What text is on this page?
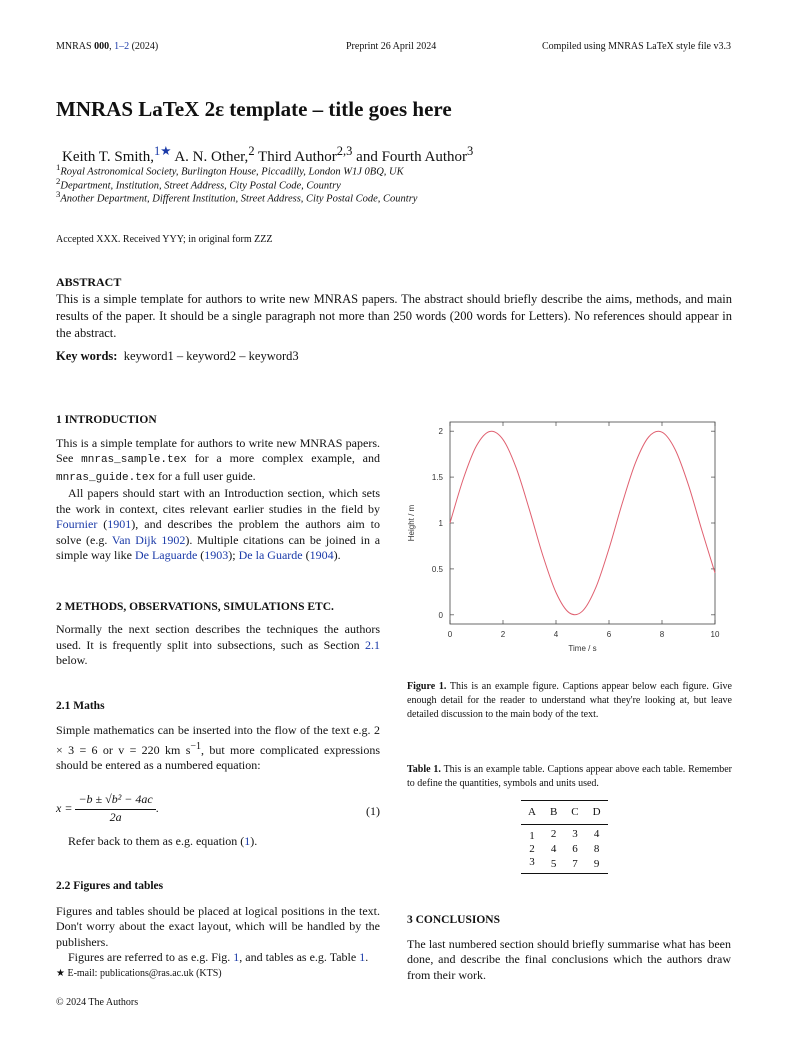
MNRAS 000, 1–2 (2024)	Preprint 26 April 2024	Compiled using MNRAS LaTeX style file v3.3
MNRAS LaTeX 2ε template – title goes here
Keith T. Smith,$^{1★}$ A. N. Other,$^2$ Third Author$^{2,3}$ and Fourth Author$^3$
$^1$Royal Astronomical Society, Burlington House, Piccadilly, London W1J 0BQ, UK
$^2$Department, Institution, Street Address, City Postal Code, Country
$^3$Another Department, Different Institution, Street Address, City Postal Code, Country
Accepted XXX. Received YYY; in original form ZZZ
ABSTRACT
This is a simple template for authors to write new MNRAS papers. The abstract should briefly describe the aims, methods, and main results of the paper. It should be a single paragraph not more than 250 words (200 words for Letters). No references should appear in the abstract.
Key words: keyword1 – keyword2 – keyword3
1 INTRODUCTION

This is a simple template for authors to write new MNRAS papers. See mnras_sample.tex for a more complex example, and mnras_guide.tex for a full user guide.

All papers should start with an Introduction section, which sets the work in context, cites relevant earlier studies in the field by Fournier (1901), and describes the problem the authors aim to solve (e.g. Van Dijk 1902). Multiple citations can be joined in a simple way like De Laguarde (1903); De la Guarde (1904).

2 METHODS, OBSERVATIONS, SIMULATIONS ETC.

Normally the next section describes the techniques the authors used. It is frequently split into subsections, such as Section 2.1 below.

2.1 Maths

Simple mathematics can be inserted into the flow of the text e.g. 2 × 3 = 6 or v = 220 km $s^{-1}$, but more complicated expressions should be entered as a numbered equation:

$x = \frac{\text{−b ± √b² − 4ac}}{2a}$ .	(1)

Refer back to them as e.g. equation (1).

2.2 Figures and tables

Figures and tables should be placed at logical positions in the text. Don't worry about the exact layout, which will be handled by the publishers.

Figures are referred to as e.g. Fig. 1, and tables as e.g. Table 1.

★ E-mail: publications@ras.ac.uk (KTS)
© 2024 The Authors
0	2	4	6	8	10
0
0.5
1
1.5
2
Time / s
Height / m
Figure 1. This is an example figure. Captions appear below each figure. Give enough detail for the reader to understand what they're looking at, but leave detailed discussion to the main body of the text.
Table 1. This is an example table. Captions appear above each table. Remember to define the quantities, symbols and units used.
A	B	C	D
1	2	3	4
2	4	6	8
3	5	7	9
3 CONCLUSIONS

The last numbered section should briefly summarise what has been done, and describe the final conclusions which the authors draw from their work.
